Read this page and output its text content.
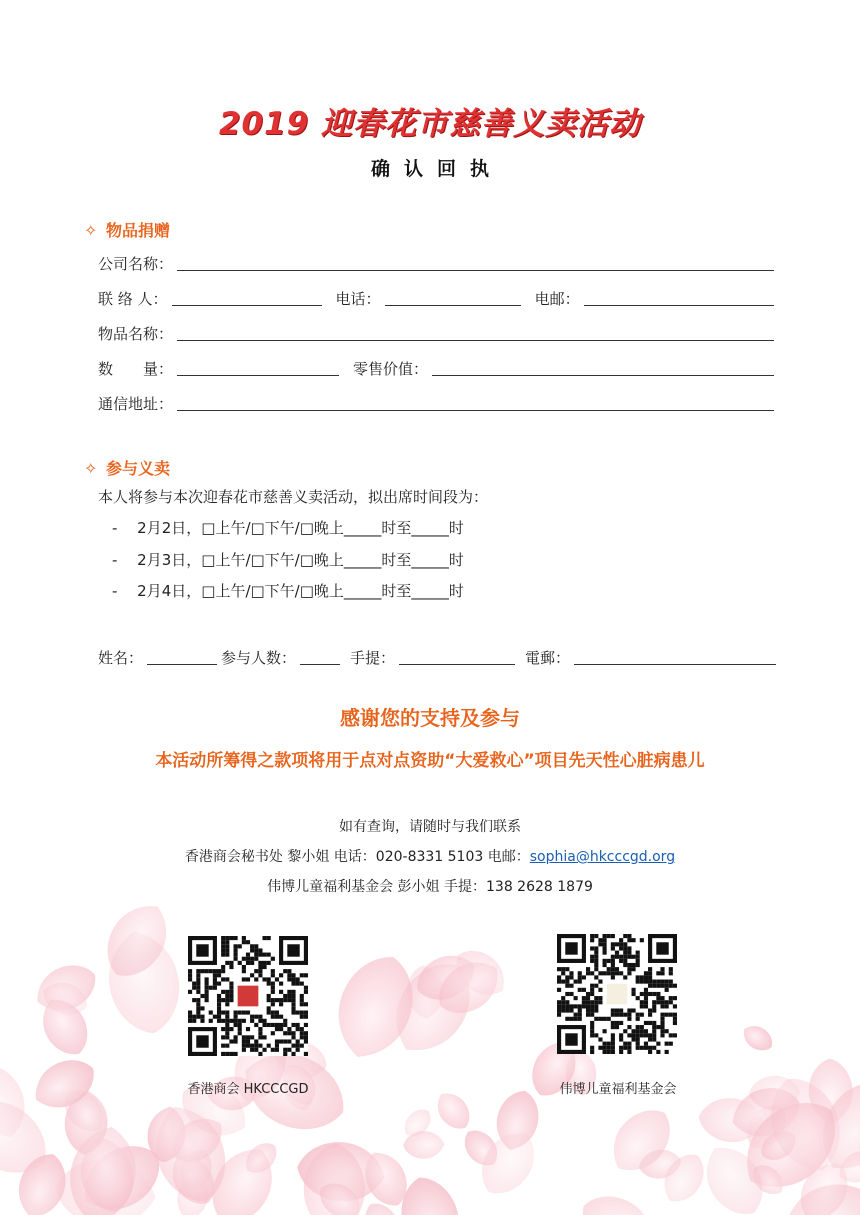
2019 迎春花市慈善义卖活动
确认回执
✧ 物品捐赠
公司名称：
联 络 人：	电话：	电邮：
物品名称：
数　　量：	零售价值：
通信地址：
✧ 参与义卖
本人将参与本次迎春花市慈善义卖活动，拟出席时间段为：
-　 2月2日，□上午/□下午/□晚上_____时至_____时
-　 2月3日，□上午/□下午/□晚上_____时至_____时
-　 2月4日，□上午/□下午/□晚上_____时至_____时
姓名：	参与人数：	手提：	電郵：
感谢您的支持及参与
本活动所筹得之款项将用于点对点资助“大爱救心”项目先天性心脏病患儿
如有查询，请随时与我们联系
香港商会秘书处 黎小姐 电话：020-8331 5103 电邮：sophia@hkcccgd.org
伟博儿童福利基金会 彭小姐 手提：138 2628 1879
香港商会 HKCCCGD	伟博儿童福利基金会
